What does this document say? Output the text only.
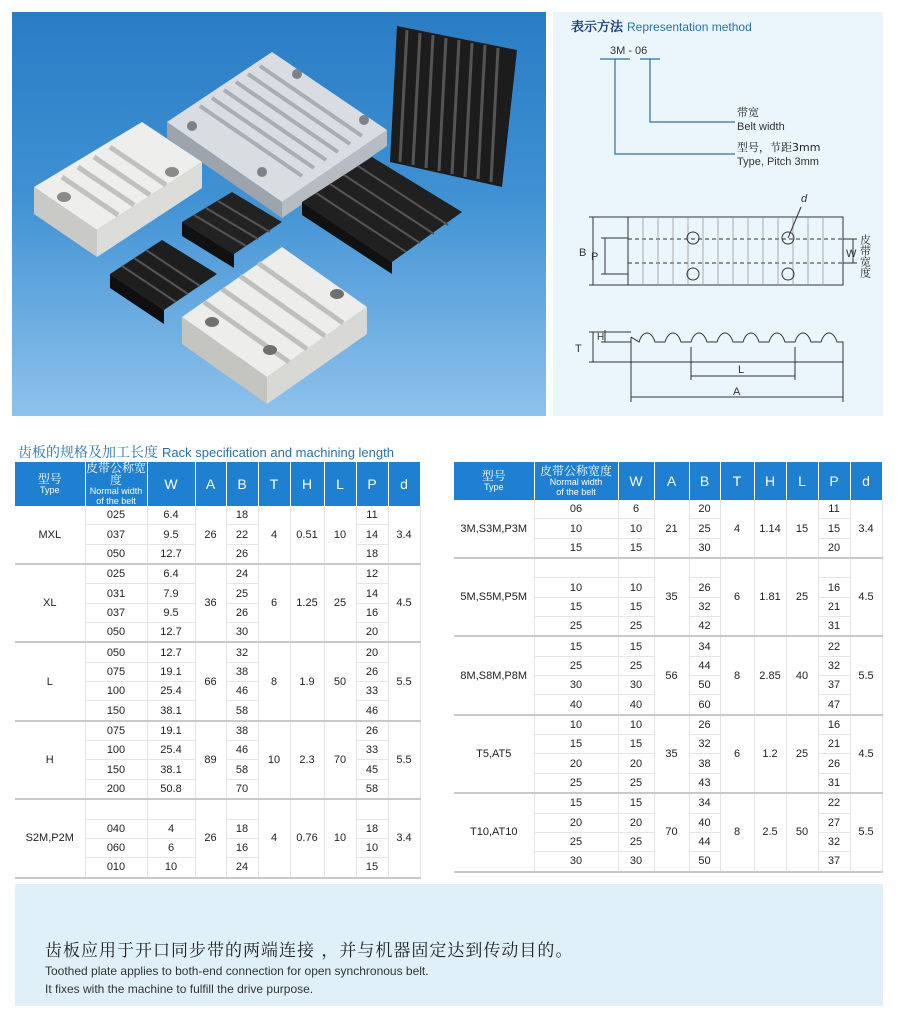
表示方法 Representation method
3M - 06
带宽
Belt width
型号，节距3mm
Type, Pitch 3mm
B P	W
d
皮带宽度
T
H
L
A
齿板的规格及加工长度 Rack specification and machining length
型号
Type	皮带公称宽度
Normal width
of the belt	W	A	B	T	H	L	P	d
MXL	025	6.4	26	18	4	0.51	10	11	3.4
	037	9.5		22				14	
	050	12.7		26				18	
XL	025	6.4	36	24	6	1.25	25	12	4.5
	031	7.9		25				14	
	037	9.5		26				16	
	050	12.7		30				20	
L	050	12.7	66	32	8	1.9	50	20	5.5
	075	19.1		38				26	
	100	25.4		46				33	
	150	38.1		58				46	
H	075	19.1	89	38	10	2.3	70	26	5.5
	100	25.4		46				33	
	150	38.1		58				45	
	200	50.8		70				58	
S2M,P2M			26		4	0.76	10		3.4
	040	4		18				18	
	060	6		16				10	
	010	10		24				15	
型号
Type	皮带公称宽度
Normal width
of the belt	W	A	B	T	H	L	P	d
3M,S3M,P3M	06	6	21	20	4	1.14	15	11	3.4
	10	10		25				15	
	15	15		30				20	
5M,S5M,P5M			35		6	1.81	25		4.5
	10	10		26				16	
	15	15		32				21	
	25	25		42				31	
8M,S8M,P8M	15	15	56	34	8	2.85	40	22	5.5
	25	25		44				32	
	30	30		50				37	
	40	40		60				47	
T5,AT5	10	10	35	26	6	1.2	25	16	4.5
	15	15		32				21	
	20	20		38				26	
	25	25		43				31	
T10,AT10	15	15	70	34	8	2.5	50	22	5.5
	20	20		40				27	
	25	25		44				32	
	30	30		50				37	
齿板应用于开口同步带的两端连接 ，并与机器固定达到传动目的。
Toothed plate applies to both-end connection for open synchronous belt.
It fixes with the machine to fulfill the drive purpose.
